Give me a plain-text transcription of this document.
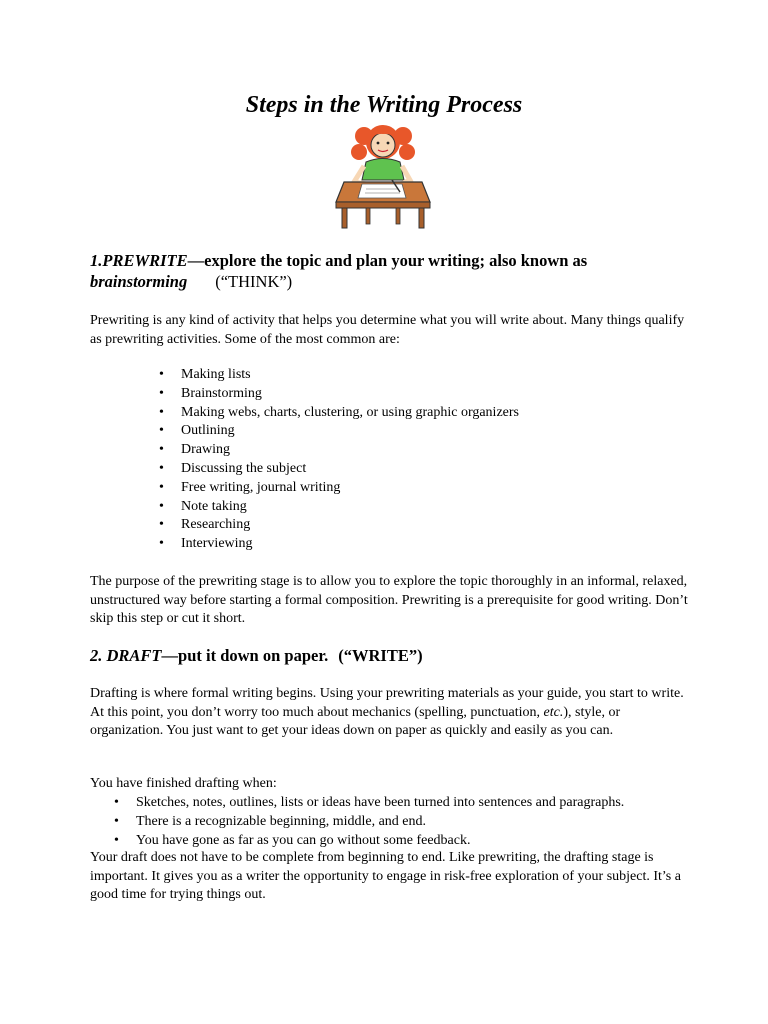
Steps in the Writing Process
1.PREWRITE—explore the topic and plan your writing; also known as
brainstorming (“THINK”)

Prewriting is any kind of activity that helps you determine what you will write about. Many things qualify as prewriting activities. Some of the most common are:

• Making lists
• Brainstorming
• Making webs, charts, clustering, or using graphic organizers
• Outlining
• Drawing
• Discussing the subject
• Free writing, journal writing
• Note taking
• Researching
• Interviewing

The purpose of the prewriting stage is to allow you to explore the topic thoroughly in an informal, relaxed, unstructured way before starting a formal composition. Prewriting is a prerequisite for good writing. Don’t skip this step or cut it short.

2. DRAFT—put it down on paper. (“WRITE”)

Drafting is where formal writing begins. Using your prewriting materials as your guide, you start to write. At this point, you don’t worry too much about mechanics (spelling, punctuation, etc.), style, or organization. You just want to get your ideas down on paper as quickly and easily as you can.

You have finished drafting when:

• Sketches, notes, outlines, lists or ideas have been turned into sentences and paragraphs.
• There is a recognizable beginning, middle, and end.
• You have gone as far as you can go without some feedback.

Your draft does not have to be complete from beginning to end. Like prewriting, the drafting stage is important. It gives you as a writer the opportunity to engage in risk-free exploration of your subject. It’s a good time for trying things out.
